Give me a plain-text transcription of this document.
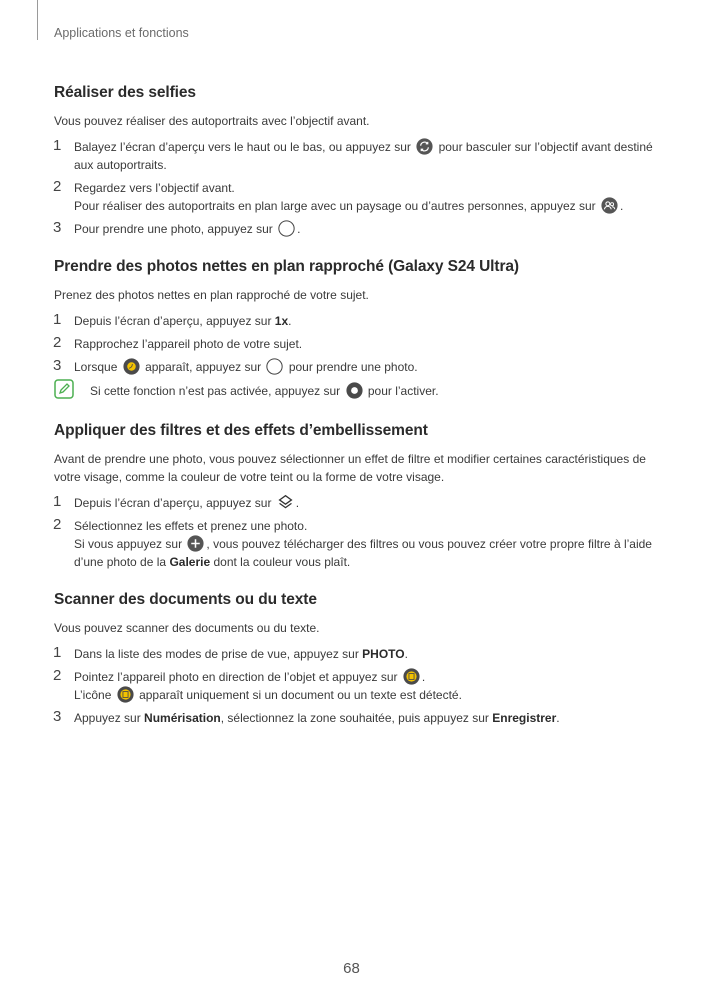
Applications et fonctions
Réaliser des selfies

Vous pouvez réaliser des autoportraits avec l’objectif avant.

1 Balayez l’écran d’aperçu vers le haut ou le bas, ou appuyez sur pour basculer sur l’objectif avant destiné aux autoportraits.
2 Regardez vers l’objectif avant.
Pour réaliser des autoportraits en plan large avec un paysage ou d’autres personnes, appuyez sur .
3 Pour prendre une photo, appuyez sur .
Prendre des photos nettes en plan rapproché (Galaxy S24 Ultra)

Prenez des photos nettes en plan rapproché de votre sujet.

1 Depuis l’écran d’aperçu, appuyez sur 1x.
2 Rapprochez l’appareil photo de votre sujet.
3 Lorsque apparaît, appuyez sur pour prendre une photo.
Si cette fonction n’est pas activée, appuyez sur pour l’activer.
Appliquer des filtres et des effets d’embellissement

Avant de prendre une photo, vous pouvez sélectionner un effet de filtre et modifier certaines caractéristiques de votre visage, comme la couleur de votre teint ou la forme de votre visage.

1 Depuis l’écran d’aperçu, appuyez sur .
2 Sélectionnez les effets et prenez une photo.
Si vous appuyez sur , vous pouvez télécharger des filtres ou vous pouvez créer votre propre filtre à l’aide d’une photo de la Galerie dont la couleur vous plaît.
Scanner des documents ou du texte

Vous pouvez scanner des documents ou du texte.

1 Dans la liste des modes de prise de vue, appuyez sur PHOTO.
2 Pointez l’appareil photo en direction de l’objet et appuyez sur .
L’icône apparaît uniquement si un document ou un texte est détecté.
3 Appuyez sur Numérisation, sélectionnez la zone souhaitée, puis appuyez sur Enregistrer.
68
